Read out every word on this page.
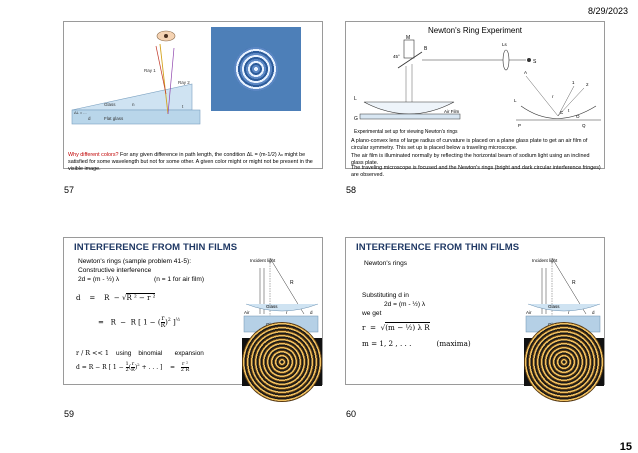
8/29/2023
Ray 1
Ray 2
Glass
Flat glass
n
ΔL = ...
d
t
Why different colors? For any given difference in path length, the condition ΔL = (m-1/2) λₙ might be satisfied for some wavelength but not for some other. A given color might or might not be present in the visible image.
57
Newton's Ring Experiment
M
B
45°
Ls
S
L
G
Air Film
A
L
r
1	2
C t
O
P	Q
Experimental set up for viewing Newton's rings
A plano-convex lens of large radius of curvature is placed on a plane glass plate to get an air film of circular symmetry. This set up is placed below a traveling microscope.
The air film is illuminated normally by reflecting the horizontal beam of sodium light using an inclined glass plate.
The traveling microscope is focused and the Newton's rings (bright and dark circular interference fringes) are observed.
58
INTERFERENCE FROM THIN FILMS
Newton's rings (sample problem 41-5):
Constructive interference
2d = (m - ½) λ	(n = 1 for air film)
d = R − √R ² − r ²
= R − R [ 1 − ( $\frac{r}{R} )^2$ ]$^{\frac{1}{2}}$
r / R << 1 using binomial expansion
d = R − R [ $1 - \frac{1}{2}$ ( $\frac{r}{R} )^2$ + . . . ]    = $\frac{\text{r ²}}{2 R}$
Incident light
R
Air
Glass
r	d
59
INTERFERENCE FROM THIN FILMS
Newton's rings
Substituting d in
2d = (m - ½) λ
we get
r =  √(m − ½) λ R
m = 1, 2 , . . .	(maxima)
Incident light
R
Air
Glass
r	d
60
15
